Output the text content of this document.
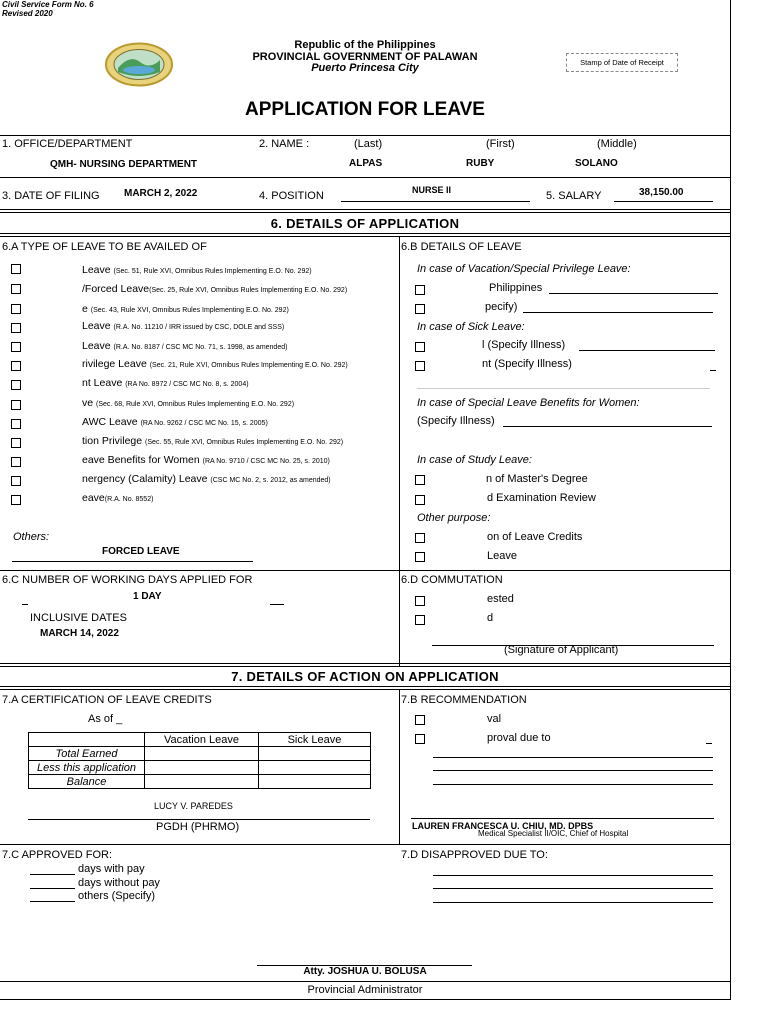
Civil Service Form No. 6
Revised 2020
Republic of the Philippines
PROVINCIAL GOVERNMENT OF PALAWAN
Puerto Princesa City	Stamp of Date of Receipt
APPLICATION FOR LEAVE
1. OFFICE/DEPARTMENT
QMH- NURSING DEPARTMENT
2. NAME :	(Last)	(First)	(Middle)
ALPAS	RUBY	SOLANO
3. DATE OF FILING MARCH 2, 2022	4. POSITION	NURSE II	5. SALARY	38,150.00
6. DETAILS OF APPLICATION
6.A TYPE OF LEAVE TO BE AVAILED OF
Leave (Sec. 51, Rule XVI, Omnibus Rules Implementing E.O. No. 292)
/Forced Leave(Sec. 25, Rule XVI, Omnibus Rules Implementing E.O. No. 292)
e (Sec. 43, Rule XVI, Omnibus Rules Implementing E.O. No. 292)
Leave (R.A. No. 11210 / IRR issued by CSC, DOLE and SSS)
Leave (R.A. No. 8187 / CSC MC No. 71, s. 1998, as amended)
rivilege Leave (Sec. 21, Rule XVI, Omnibus Rules Implementing E.O. No. 292)
nt Leave (RA No. 8972 / CSC MC No. 8, s. 2004)
ve (Sec. 68, Rule XVI, Omnibus Rules Implementing E.O. No. 292)
AWC Leave (RA No. 9262 / CSC MC No. 15, s. 2005)
tion Privilege (Sec. 55, Rule XVI, Omnibus Rules Implementing E.O. No. 292)
eave Benefits for Women (RA No. 9710 / CSC MC No. 25, s. 2010)
nergency (Calamity) Leave (CSC MC No. 2, s. 2012, as amended)
eave(R.A. No. 8552)
Others:
FORCED LEAVE
6.B DETAILS OF LEAVE
In case of Vacation/Special Privilege Leave:
Philippines
pecify)
In case of Sick Leave:
l (Specify Illness)
nt (Specify Illness)
In case of Special Leave Benefits for Women:
(Specify Illness)
In case of Study Leave:
n of Master's Degree
d Examination Review
Other purpose:
on of Leave Credits
Leave
6.C NUMBER OF WORKING DAYS APPLIED FOR
1 DAY
INCLUSIVE DATES
MARCH 14, 2022
6.D COMMUTATION
ested
d
(Signature of Applicant)
7. DETAILS OF ACTION ON APPLICATION
7.A CERTIFICATION OF LEAVE CREDITS
As of _
	Vacation Leave	Sick Leave
Total Earned		
Less this application		
Balance		
LUCY V. PAREDES
PGDH (PHRMO)
7.B RECOMMENDATION
val
proval due to
LAUREN FRANCESCA U. CHIU, MD. DPBS
Medical Specialist II/OIC, Chief of Hospital
7.C APPROVED FOR:
days with pay
days without pay
others (Specify)
7.D DISAPPROVED DUE TO:
Atty. JOSHUA U. BOLUSA
Provincial Administrator
